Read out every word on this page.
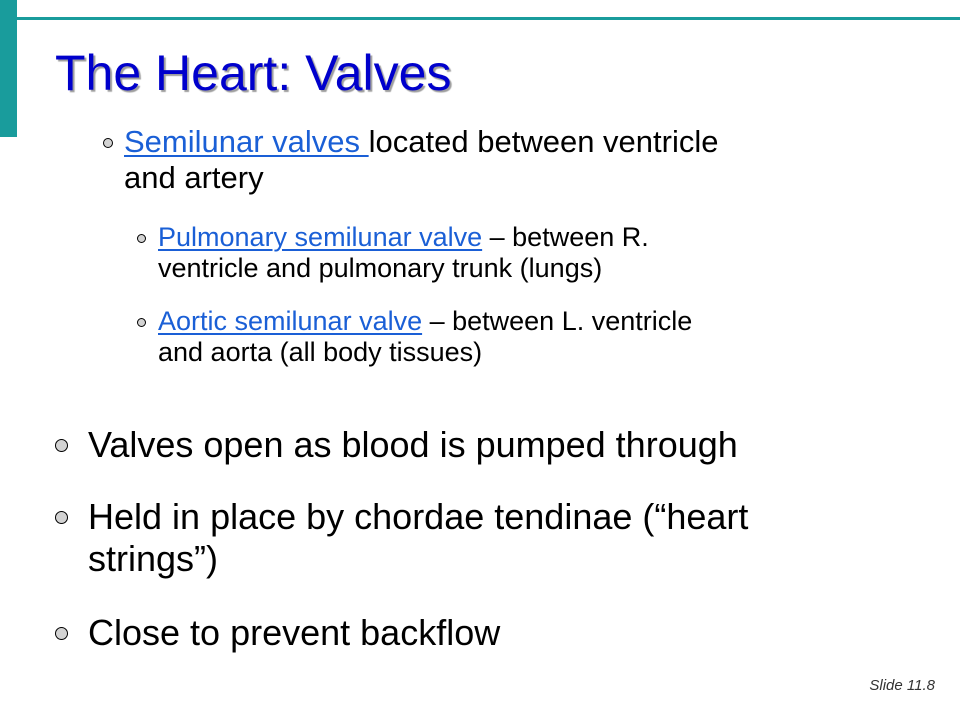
The Heart: Valves
Semilunar valves located between ventricle
and artery
Pulmonary semilunar valve – between R.
ventricle and pulmonary trunk (lungs)
Aortic semilunar valve – between L. ventricle
and aorta (all body tissues)
Valves open as blood is pumped through
Held in place by chordae tendinae (“heart
strings”)
Close to prevent backflow
Slide 11.8
